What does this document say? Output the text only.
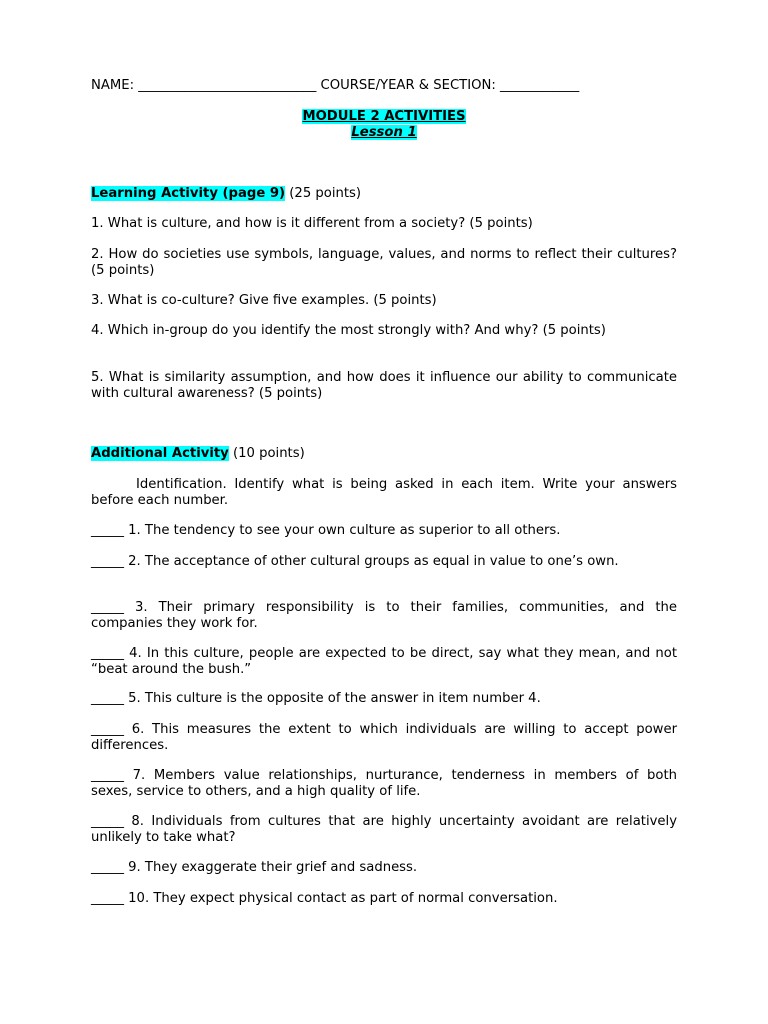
NAME: ___________________________ COURSE/YEAR & SECTION: ____________
MODULE 2 ACTIVITIES
Lesson 1
Learning Activity (page 9) (25 points)
1. What is culture, and how is it different from a society? (5 points)
2. How do societies use symbols, language, values, and norms to reflect their cultures? (5 points)
3. What is co-culture? Give five examples. (5 points)
4. Which in-group do you identify the most strongly with? And why? (5 points)
5. What is similarity assumption, and how does it influence our ability to communicate with cultural awareness? (5 points)
Additional Activity (10 points)
Identification. Identify what is being asked in each item. Write your answers before each number.
_____ 1. The tendency to see your own culture as superior to all others.
_____ 2. The acceptance of other cultural groups as equal in value to one’s own.
_____ 3. Their primary responsibility is to their families, communities, and the companies they work for.
_____ 4. In this culture, people are expected to be direct, say what they mean, and not “beat around the bush.”
_____ 5. This culture is the opposite of the answer in item number 4.
_____ 6. This measures the extent to which individuals are willing to accept power differences.
_____ 7. Members value relationships, nurturance, tenderness in members of both sexes, service to others, and a high quality of life.
_____ 8. Individuals from cultures that are highly uncertainty avoidant are relatively unlikely to take what?
_____ 9. They exaggerate their grief and sadness.
_____ 10. They expect physical contact as part of normal conversation.
